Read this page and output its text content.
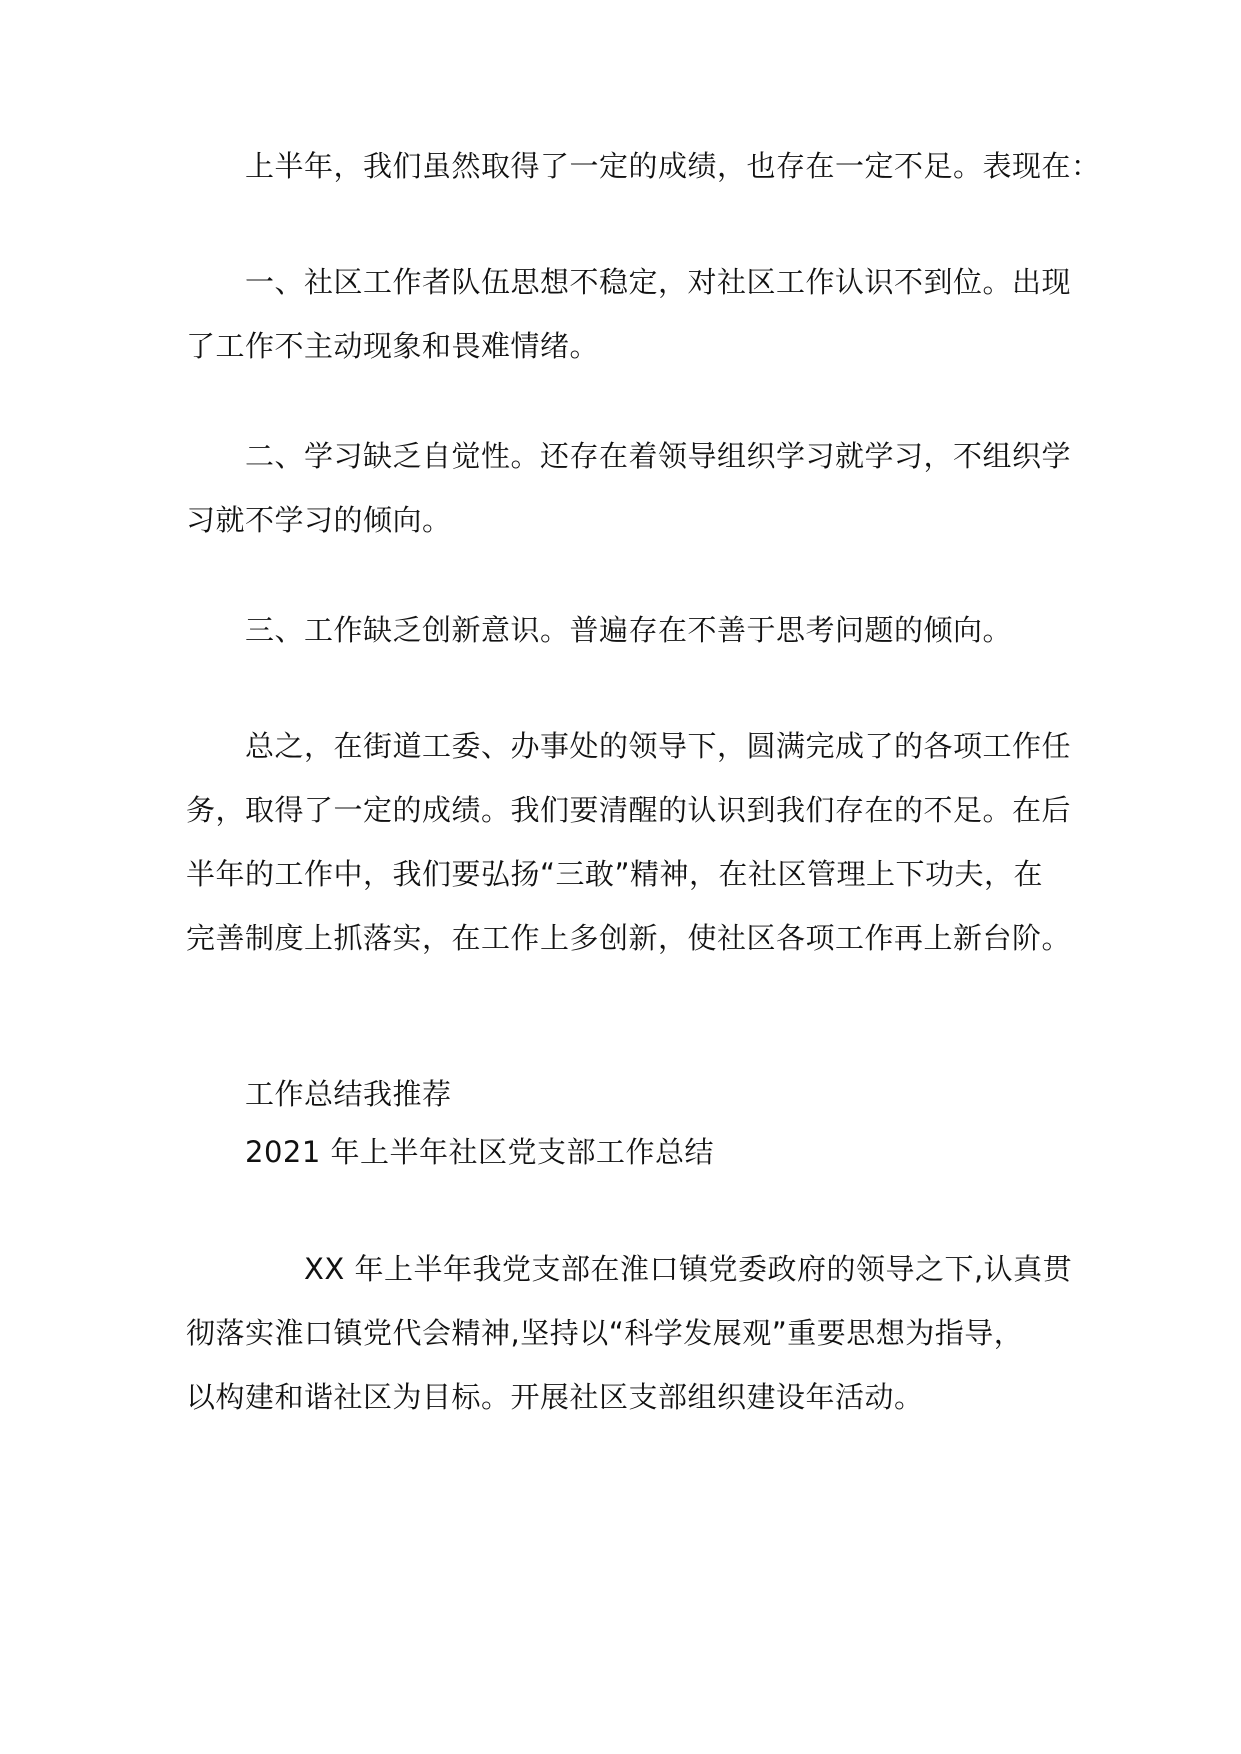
上半年，我们虽然取得了一定的成绩，也存在一定不足。表现在：
一、社区工作者队伍思想不稳定，对社区工作认识不到位。出现
了工作不主动现象和畏难情绪。
二、学习缺乏自觉性。还存在着领导组织学习就学习，不组织学
习就不学习的倾向。
三、工作缺乏创新意识。普遍存在不善于思考问题的倾向。
总之，在街道工委、办事处的领导下，圆满完成了的各项工作任
务，取得了一定的成绩。我们要清醒的认识到我们存在的不足。在后
半年的工作中，我们要弘扬“三敢”精神，在社区管理上下功夫，在
完善制度上抓落实，在工作上多创新，使社区各项工作再上新台阶。
工作总结我推荐
2021 年上半年社区党支部工作总结
XX 年上半年我党支部在淮口镇党委政府的领导之下,认真贯
彻落实淮口镇党代会精神,坚持以“科学发展观”重要思想为指导，
以构建和谐社区为目标。开展社区支部组织建设年活动。
